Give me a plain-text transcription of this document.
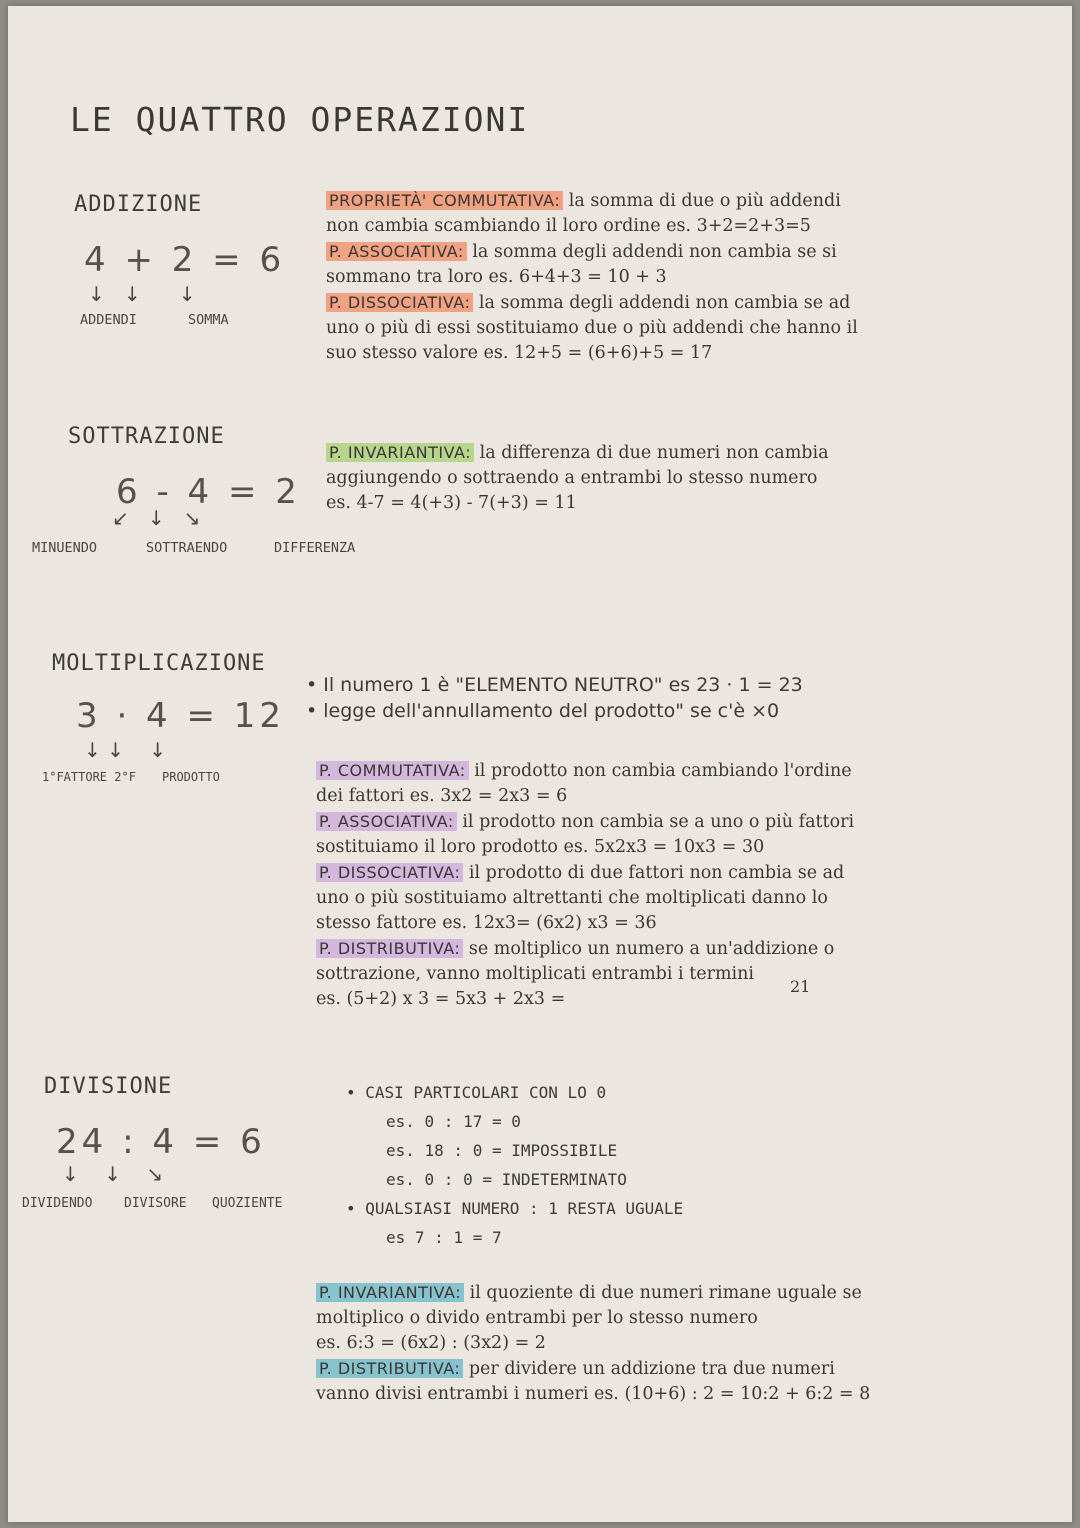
LE QUATTRO OPERAZIONI
ADDIZIONE
4 + 2 = 6
↓   ↓      ↓
ADDENDI	SOMMA

PROPRIETÀ' COMMUTATIVA: la somma di due o più addendi

non cambia scambiando il loro ordine es. 3+2=2+3=5

P. ASSOCIATIVA: la somma degli addendi non cambia se si

sommano tra loro es. 6+4+3 = 10 + 3

P. DISSOCIATIVA: la somma degli addendi non cambia se ad

uno o più di essi sostituiamo due o più addendi che hanno il

suo stesso valore es. 12+5 = (6+6)+5 = 17

SOTTRAZIONE
6 - 4 = 2
↙   ↓   ↘
MINUENDO	SOTTRAENDO	DIFFERENZA

P. INVARIANTIVA: la differenza di due numeri non cambia

aggiungendo o sottraendo a entrambi lo stesso numero

es. 4-7 = 4(+3) - 7(+3) = 11

MOLTIPLICAZIONE
3 · 4 = 12
↓ ↓    ↓
1°FATTORE 2°F PRODOTTO
• Il numero 1 è "ELEMENTO NEUTRO" es 23 · 1 = 23
• legge dell'annullamento del prodotto" se c'è ×0

P. COMMUTATIVA: il prodotto non cambia cambiando l'ordine

dei fattori es. 3x2 = 2x3 = 6

P. ASSOCIATIVA: il prodotto non cambia se a uno o più fattori

sostituiamo il loro prodotto es. 5x2x3 = 10x3 = 30

P. DISSOCIATIVA: il prodotto di due fattori non cambia se ad

uno o più sostituiamo altrettanti che moltiplicati danno lo

stesso fattore es. 12x3= (6x2) x3 = 36

P. DISTRIBUTIVA: se moltiplico un numero a un'addizione o

sottrazione, vanno moltiplicati entrambi i termini

es. (5+2) x 3 = 5x3 + 2x3 =

21
DIVISIONE
24 : 4 = 6
↓    ↓    ↘
DIVIDENDO DIVISORE QUOZIENTE
• CASI PARTICOLARI CON LO 0
es. 0 : 17 = 0
es. 18 : 0 = IMPOSSIBILE
es. 0 : 0 = INDETERMINATO
• QUALSIASI NUMERO : 1 RESTA UGUALE
es 7 : 1 = 7

P. INVARIANTIVA: il quoziente di due numeri rimane uguale se

moltiplico o divido entrambi per lo stesso numero

es. 6:3 = (6x2) : (3x2) = 2

P. DISTRIBUTIVA: per dividere un addizione tra due numeri

vanno divisi entrambi i numeri es. (10+6) : 2 = 10:2 + 6:2 = 8
